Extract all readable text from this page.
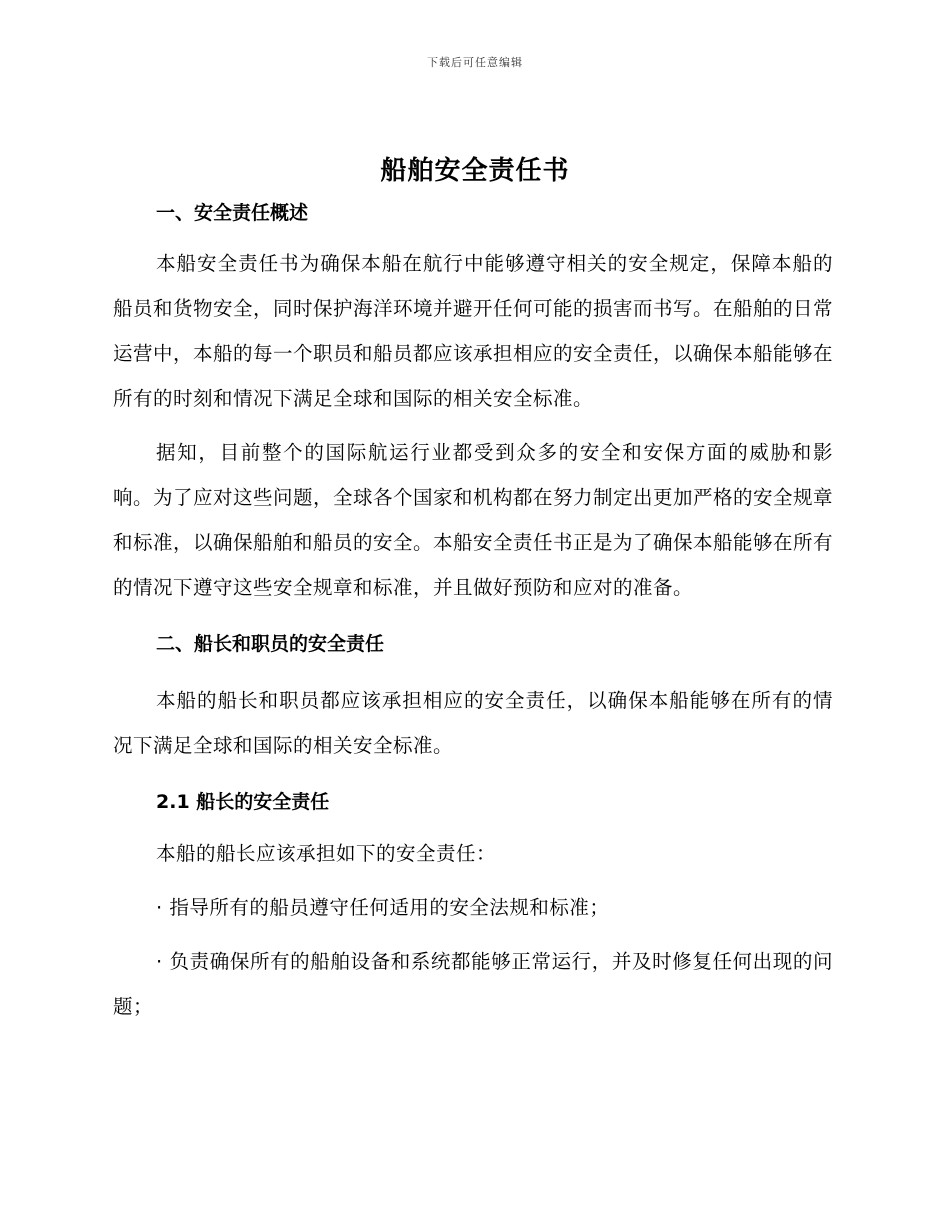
下载后可任意编辑
船舶安全责任书

一、安全责任概述

本船安全责任书为确保本船在航行中能够遵守相关的安全规定，保障本船的船员和货物安全，同时保护海洋环境并避开任何可能的损害而书写。在船舶的日常运营中，本船的每一个职员和船员都应该承担相应的安全责任，以确保本船能够在所有的时刻和情况下满足全球和国际的相关安全标准。

据知，目前整个的国际航运行业都受到众多的安全和安保方面的威胁和影响。为了应对这些问题，全球各个国家和机构都在努力制定出更加严格的安全规章和标准，以确保船舶和船员的安全。本船安全责任书正是为了确保本船能够在所有的情况下遵守这些安全规章和标准，并且做好预防和应对的准备。

二、船长和职员的安全责任

本船的船长和职员都应该承担相应的安全责任，以确保本船能够在所有的情况下满足全球和国际的相关安全标准。

2.1 船长的安全责任

本船的船长应该承担如下的安全责任：

· 指导所有的船员遵守任何适用的安全法规和标准；

· 负责确保所有的船舶设备和系统都能够正常运行，并及时修复任何出现的问题；
